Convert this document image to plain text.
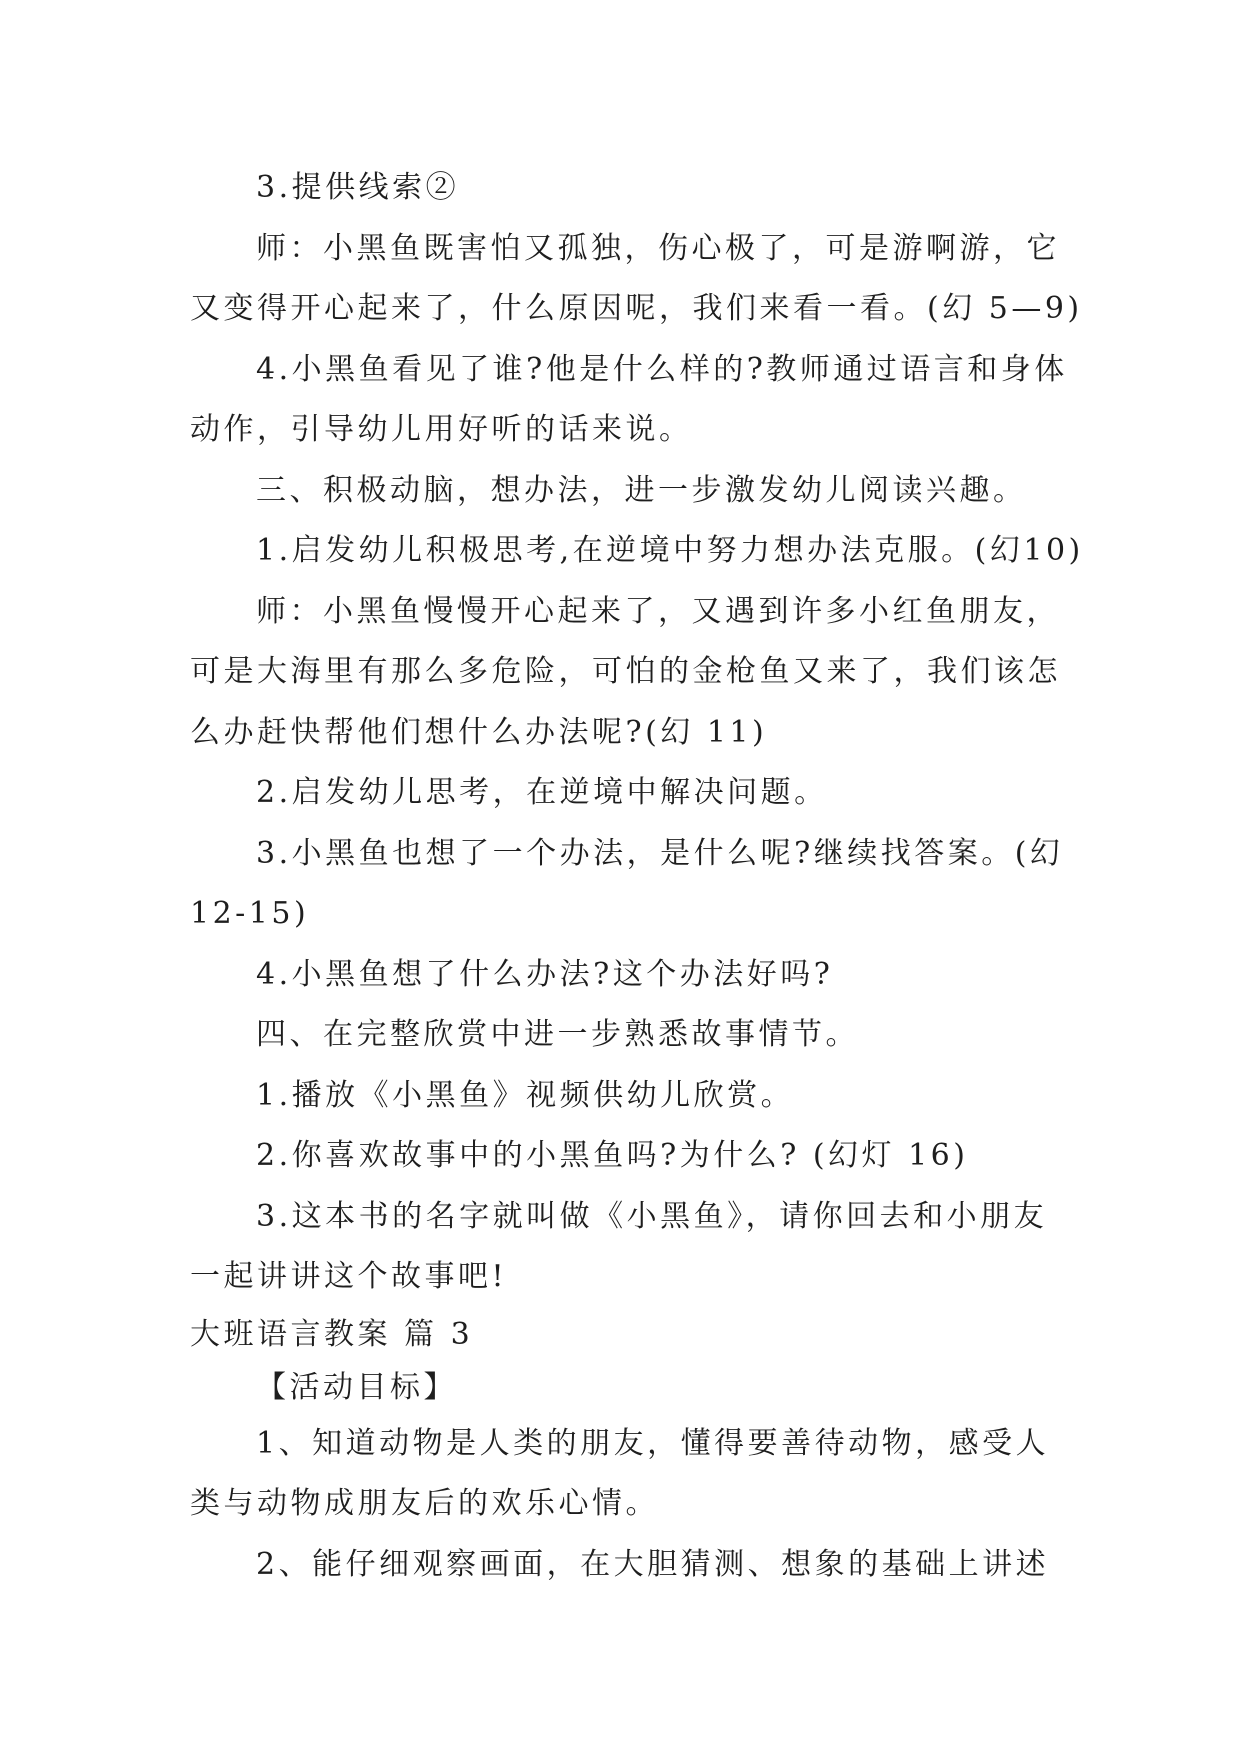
3.提供线索②
师：小黑鱼既害怕又孤独，伤心极了，可是游啊游，它
又变得开心起来了，什么原因呢，我们来看一看。(幻 5—9)
4.小黑鱼看见了谁?他是什么样的?教师通过语言和身体
动作，引导幼儿用好听的话来说。
三、积极动脑，想办法，进一步激发幼儿阅读兴趣。
1.启发幼儿积极思考,在逆境中努力想办法克服。(幻10)
师：小黑鱼慢慢开心起来了，又遇到许多小红鱼朋友，
可是大海里有那么多危险，可怕的金枪鱼又来了，我们该怎
么办赶快帮他们想什么办法呢?(幻 11)
2.启发幼儿思考，在逆境中解决问题。
3.小黑鱼也想了一个办法，是什么呢?继续找答案。(幻
12-15)
4.小黑鱼想了什么办法?这个办法好吗?
四、在完整欣赏中进一步熟悉故事情节。
1.播放《小黑鱼》视频供幼儿欣赏。
2.你喜欢故事中的小黑鱼吗?为什么? (幻灯 16)
3.这本书的名字就叫做《小黑鱼》，请你回去和小朋友
一起讲讲这个故事吧!
大班语言教案 篇 3
【活动目标】
1、知道动物是人类的朋友，懂得要善待动物，感受人
类与动物成朋友后的欢乐心情。
2、能仔细观察画面，在大胆猜测、想象的基础上讲述
